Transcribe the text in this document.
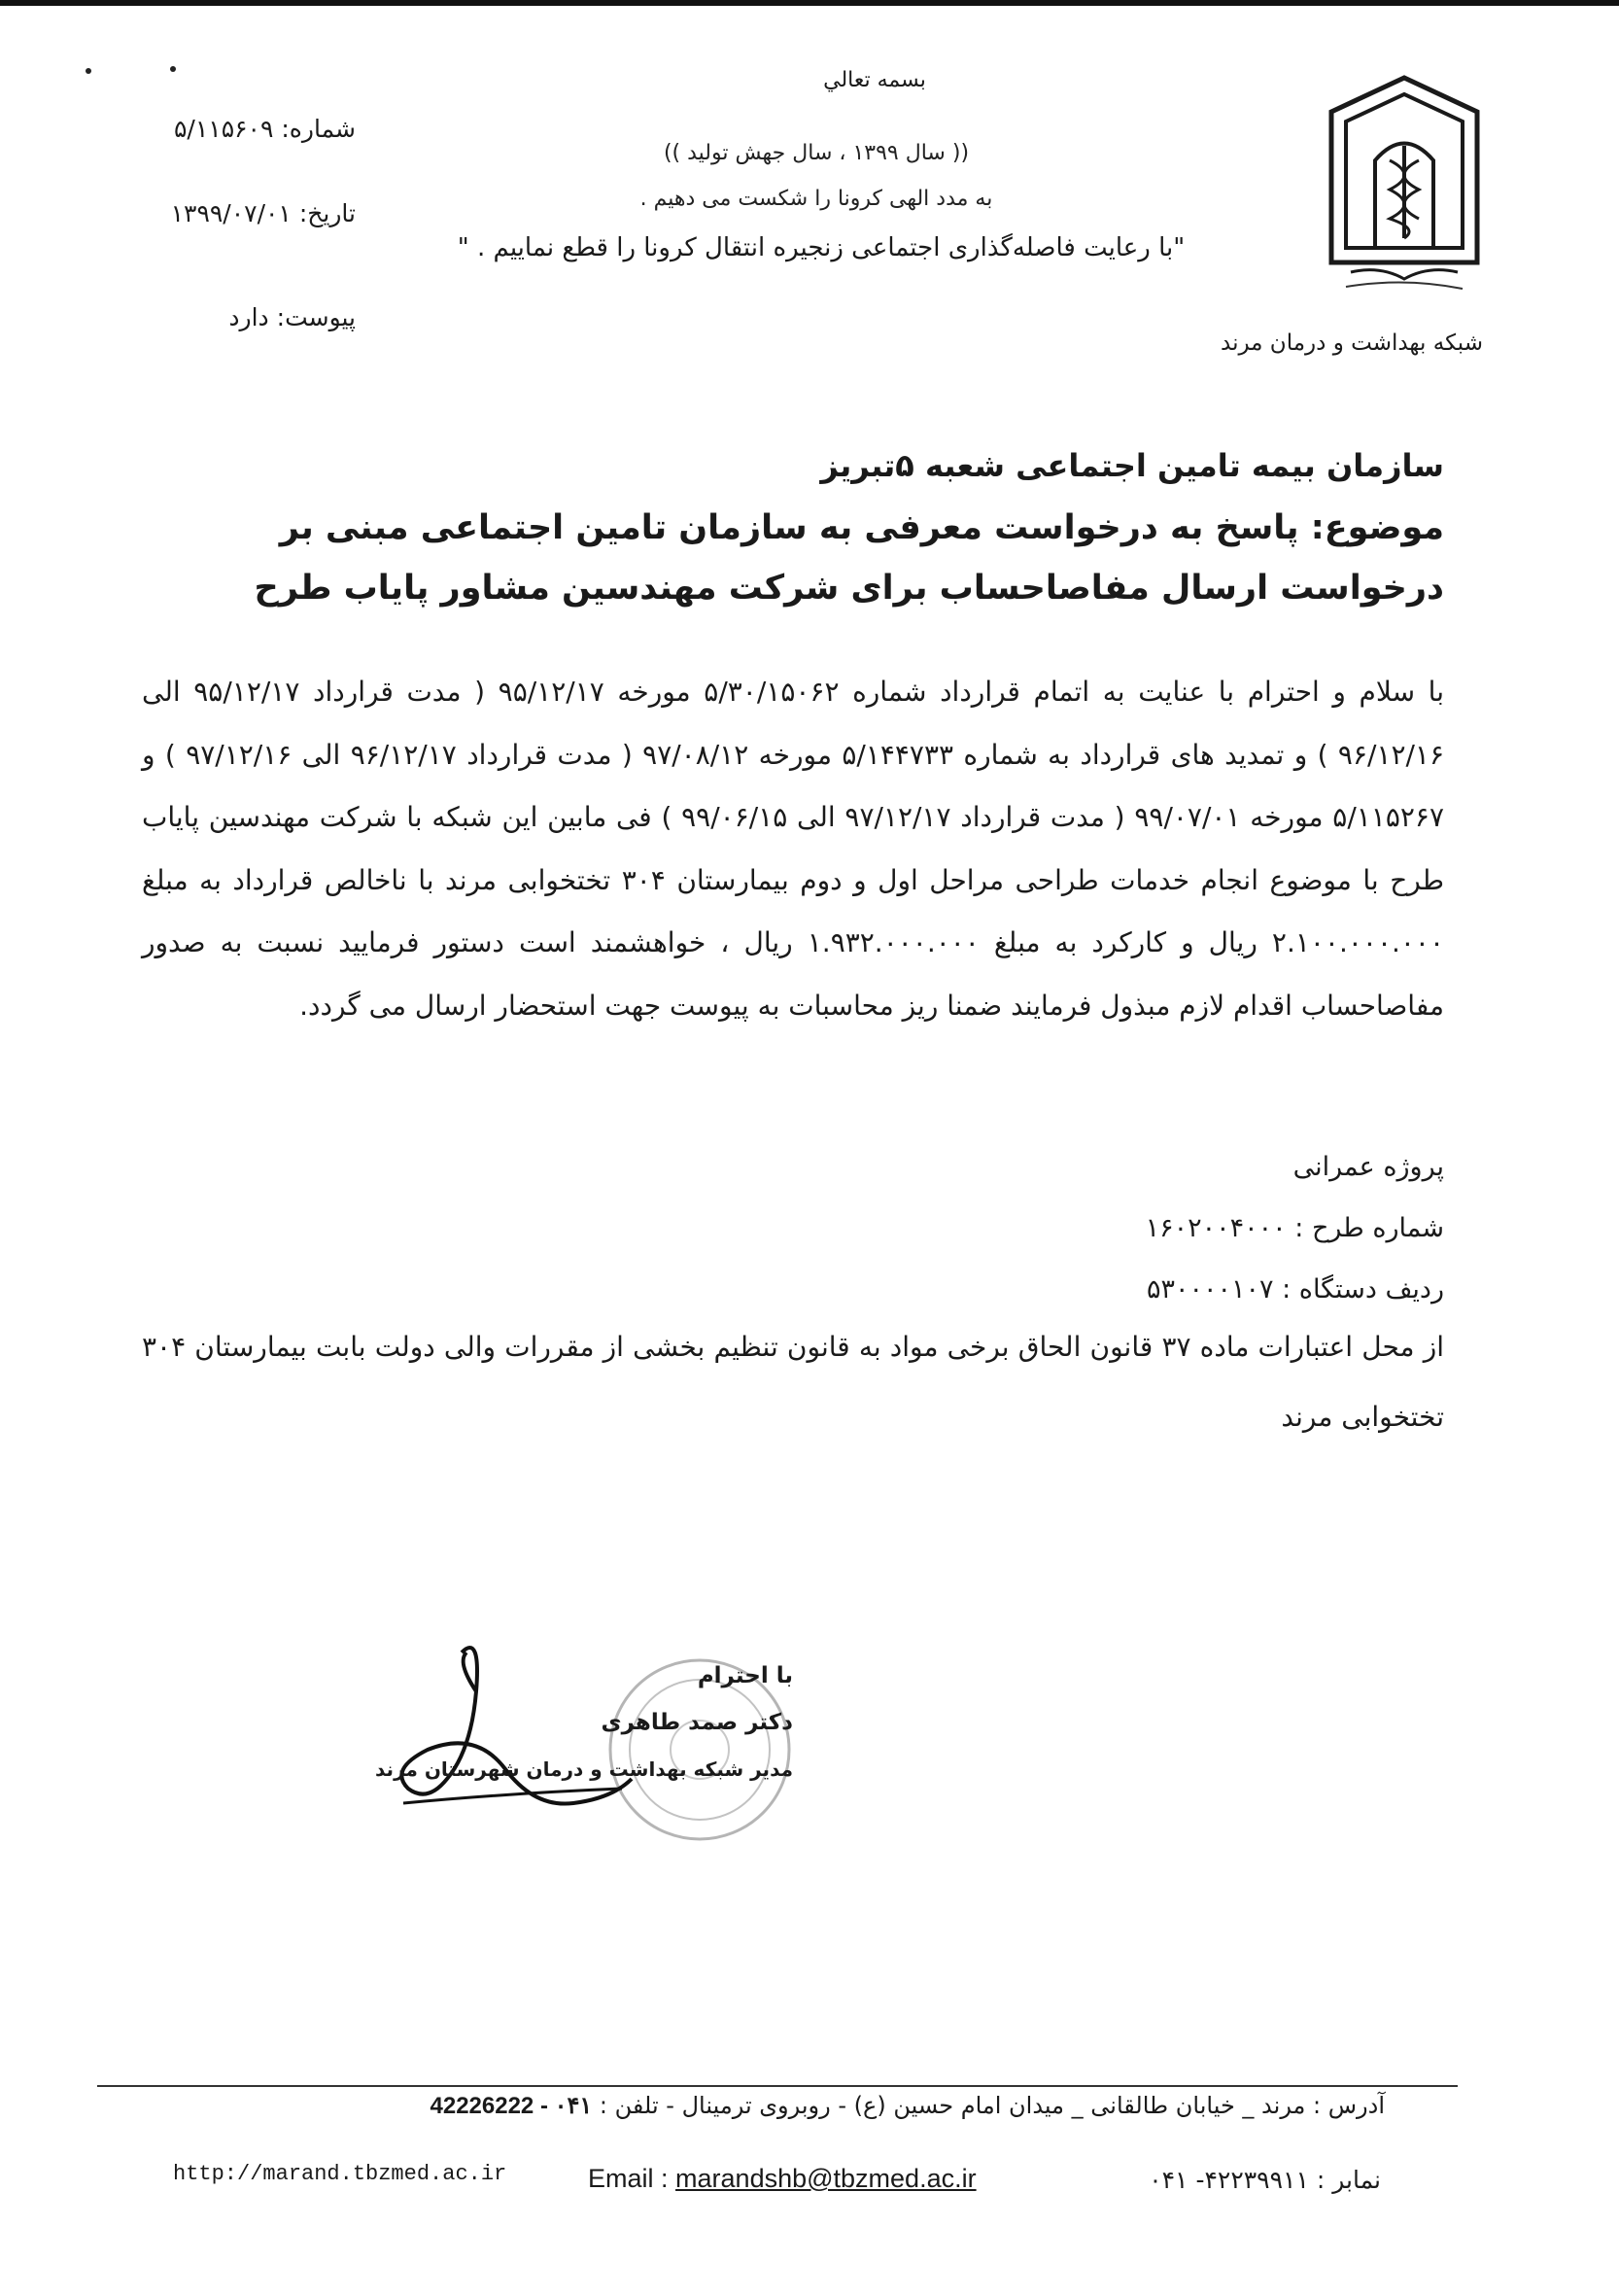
بسمه تعالي
(( سال ۱۳۹۹ ، سال جهش تولید ))
به مدد الهی کرونا را شکست می دهیم .
"با رعایت فاصله‌گذاری اجتماعی زنجیره انتقال کرونا را قطع نماییم . "
شماره: ۵/۱۱۵۶۰۹
تاریخ: ۱۳۹۹/۰۷/۰۱
پیوست: دارد
شبکه بهداشت و درمان مرند
سازمان بیمه تامین اجتماعی شعبه ۵تبریز
موضوع: پاسخ به درخواست معرفی به سازمان تامین اجتماعی مبنی بر درخواست ارسال مفاصاحساب برای شرکت مهندسین مشاور پایاب طرح
با سلام و احترام با عنایت به اتمام قرارداد شماره ۵/۳۰/۱۵۰۶۲ مورخه ۹۵/۱۲/۱۷ ( مدت قرارداد ۹۵/۱۲/۱۷ الی ۹۶/۱۲/۱۶ ) و تمدید های قرارداد به شماره ۵/۱۴۴۷۳۳ مورخه ۹۷/۰۸/۱۲ ( مدت قرارداد ۹۶/۱۲/۱۷ الی ۹۷/۱۲/۱۶ ) و ۵/۱۱۵۲۶۷ مورخه ۹۹/۰۷/۰۱ ( مدت قرارداد ۹۷/۱۲/۱۷ الی ۹۹/۰۶/۱۵ ) فی مابین این شبکه با شرکت مهندسین پایاب طرح با موضوع انجام خدمات طراحی مراحل اول و دوم بیمارستان ۳۰۴ تختخوابی مرند با ناخالص قرارداد به مبلغ ۲.۱۰۰.۰۰۰.۰۰۰ ریال و کارکرد به مبلغ ۱.۹۳۲.۰۰۰.۰۰۰ ریال ، خواهشمند است دستور فرمایید نسبت به صدور مفاصاحساب اقدام لازم مبذول فرمایند ضمنا ریز محاسبات به پیوست جهت استحضار ارسال می گردد.
پروژه عمرانی
شماره طرح : ۱۶۰۲۰۰۴۰۰۰
ردیف دستگاه : ۵۳۰۰۰۰۱۰۷
از محل اعتبارات ماده ۳۷ قانون الحاق برخی مواد به قانون تنظیم بخشی از مقررات والی دولت بابت بیمارستان ۳۰۴ تختخوابی مرند
با احترام
دکتر صمد طاهری
مدیر شبکه بهداشت و درمان شهرستان مرند
آدرس : مرند _ خیابان طالقانی _ میدان امام حسین (ع) - روبروی ترمینال - تلفن : 42226222 - ۰۴۱
نمابر : ۴۲۲۳۹۹۱۱- ۰۴۱
Email : marandshb@tbzmed.ac.ir
http://marand.tbzmed.ac.ir
